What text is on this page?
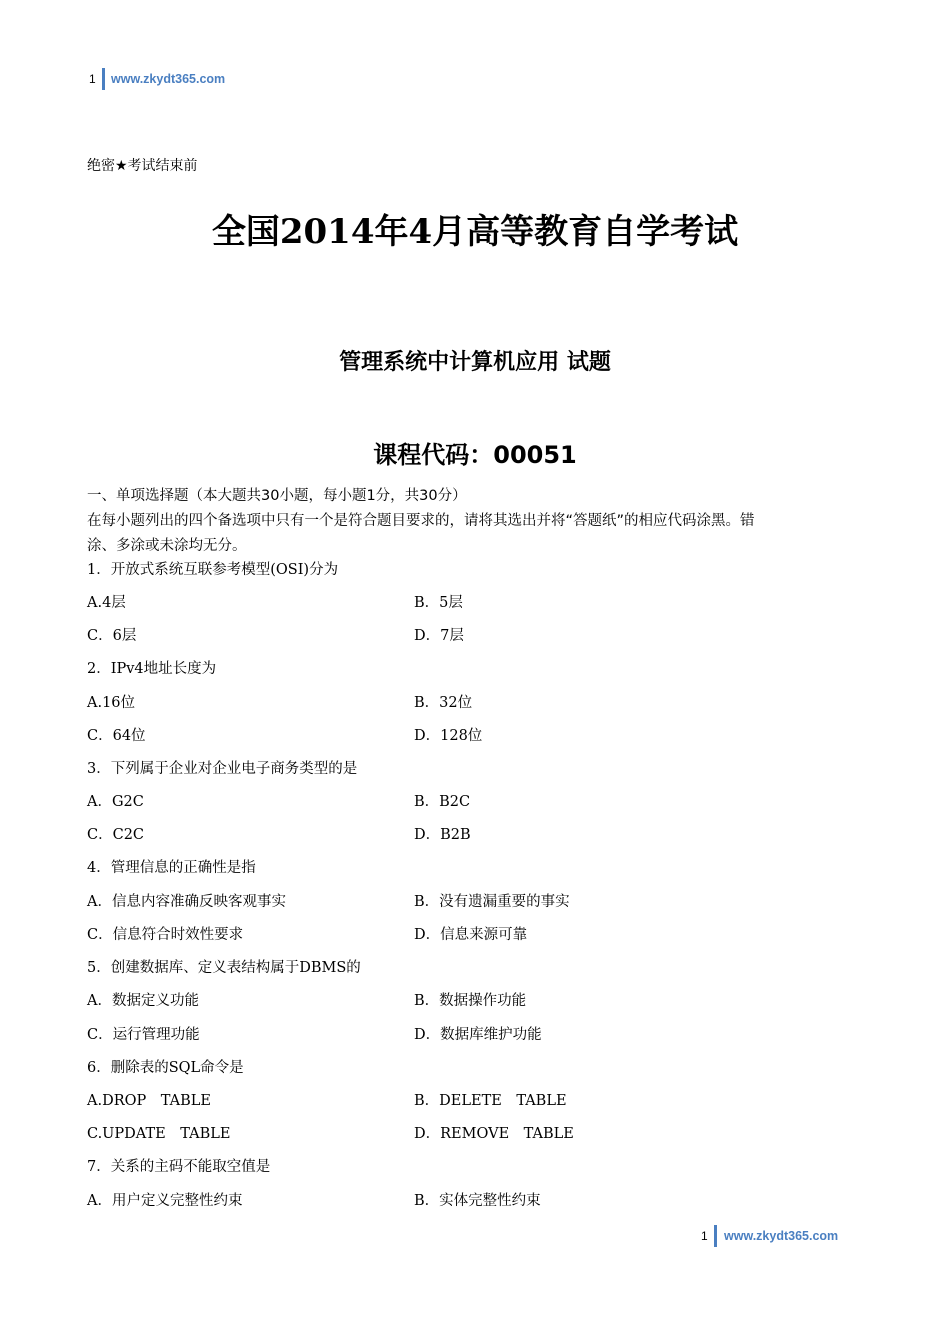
1 www.zkydt365.com
绝密★考试结束前
全国2014年4月高等教育自学考试
管理系统中计算机应用 试题
课程代码：00051
一、单项选择题（本大题共30小题，每小题1分，共30分）
在每小题列出的四个备选项中只有一个是符合题目要求的，请将其选出并将“答题纸”的相应代码涂黑。错
涂、多涂或未涂均无分。
1．开放式系统互联参考模型(OSI)分为
A.4层	B．5层
C．6层	D．7层
2．IPv4地址长度为
A.16位	B．32位
C．64位	D．128位
3．下列属于企业对企业电子商务类型的是
A．G2C	B．B2C
C．C2C	D．B2B
4．管理信息的正确性是指
A．信息内容准确反映客观事实	B．没有遗漏重要的事实
C．信息符合时效性要求	D．信息来源可靠
5．创建数据库、定义表结构属于DBMS的
A．数据定义功能	B．数据操作功能
C．运行管理功能	D．数据库维护功能
6．删除表的SQL命令是
A.DROP　TABLE	B．DELETE　TABLE
C.UPDATE　TABLE	D．REMOVE　TABLE
7．关系的主码不能取空值是
A．用户定义完整性约束	B．实体完整性约束
1 www.zkydt365.com
